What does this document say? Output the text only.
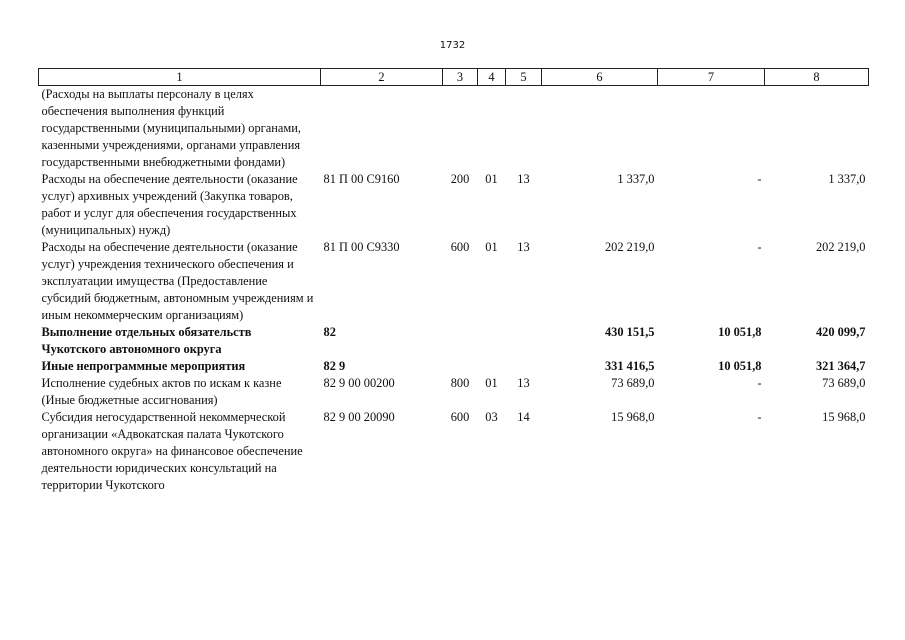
1732
1	2	3	4	5	6	7	8
(Расходы на выплаты персоналу в целях обеспечения выполнения функций государственными (муниципальными) органами, казенными учреждениями, органами управления государственными внебюджетными фондами)							
Расходы на обеспечение деятельности (оказание услуг) архивных учреждений (Закупка товаров, работ и услуг для обеспечения государственных (муниципальных) нужд)	81 П 00 С9160	200	01	13	1 337,0	-	1 337,0
Расходы на обеспечение деятельности (оказание услуг) учреждения технического обеспечения и эксплуатации имущества (Предоставление субсидий бюджетным, автономным учреждениям и иным некоммерческим организациям)	81 П 00 С9330	600	01	13	202 219,0	-	202 219,0
Выполнение отдельных обязательств Чукотского автономного округа	82				430 151,5	10 051,8	420 099,7
Иные непрограммные мероприятия	82 9				331 416,5	10 051,8	321 364,7
Исполнение судебных актов по искам к казне (Иные бюджетные ассигнования)	82 9 00 00200	800	01	13	73 689,0	-	73 689,0
Субсидия негосударственной некоммерческой организации «Адвокатская палата Чукотского автономного округа» на финансовое обеспечение деятельности юридических консультаций на территории Чукотского	82 9 00 20090	600	03	14	15 968,0	-	15 968,0
